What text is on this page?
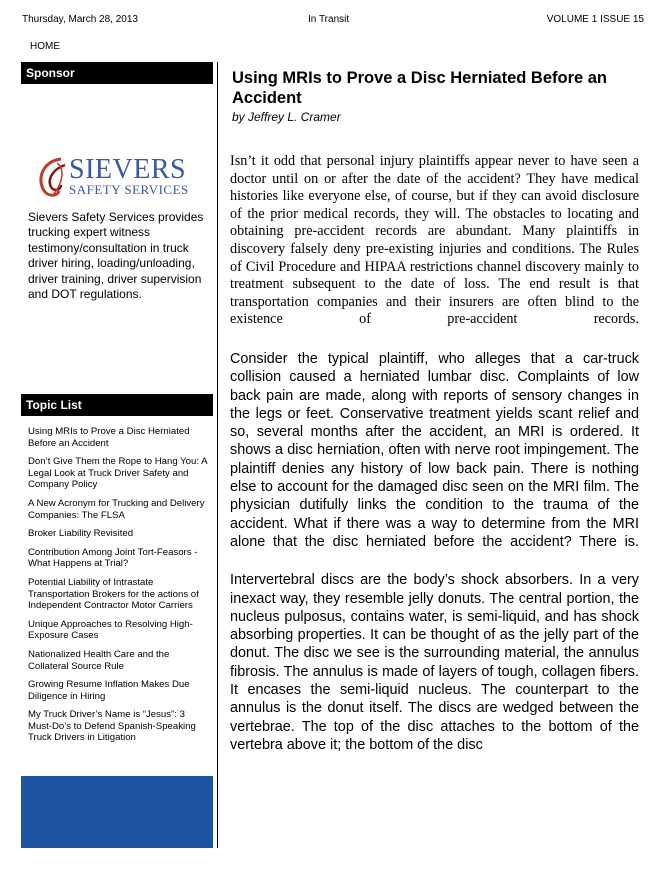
Thursday, March 28, 2013	In Transit	VOLUME 1 ISSUE 15
HOME
Sponsor
SIEVERS
SAFETY SERVICES
Sievers Safety Services provides trucking expert witness testimony/consultation in truck driver hiring, loading/unloading, driver training, driver supervision and DOT regulations.
Topic List
Using MRIs to Prove a Disc Herniated Before an Accident
Don’t Give Them the Rope to Hang You: A Legal Look at Truck Driver Safety and Company Policy
A New Acronym for Trucking and Delivery Companies: The FLSA
Broker Liability Revisited
Contribution Among Joint Tort-Feasors - What Happens at Trial?
Potential Liability of Intrastate Transportation Brokers for the actions of Independent Contractor Motor Carriers
Unique Approaches to Resolving High-Exposure Cases
Nationalized Health Care and the Collateral Source Rule
Growing Resume Inflation Makes Due Diligence in Hiring
My Truck Driver’s Name is “Jesus”: 3 Must-Do’s to Defend Spanish-Speaking Truck Drivers in Litigation
Using MRIs to Prove a Disc Herniated Before an Accident
by Jeffrey L. Cramer

Isn’t it odd that personal injury plaintiffs appear never to have seen a doctor until on or after the date of the accident? They have medical histories like everyone else, of course, but if they can avoid disclosure of the prior medical records, they will. The obstacles to locating and obtaining pre-accident records are abundant. Many plaintiffs in discovery falsely deny pre-existing injuries and conditions. The Rules of Civil Procedure and HIPAA restrictions channel discovery mainly to treatment subsequent to the date of loss. The end result is that transportation companies and their insurers are often blind to the existence of pre-accident records.

Consider the typical plaintiff, who alleges that a car-truck collision caused a herniated lumbar disc. Complaints of low back pain are made, along with reports of sensory changes in the legs or feet. Conservative treatment yields scant relief and so, several months after the accident, an MRI is ordered. It shows a disc herniation, often with nerve root impingement. The plaintiff denies any history of low back pain. There is nothing else to account for the damaged disc seen on the MRI film. The physician dutifully links the condition to the trauma of the accident. What if there was a way to determine from the MRI alone that the disc herniated before the accident? There is.

Intervertebral discs are the body’s shock absorbers. In a very inexact way, they resemble jelly donuts. The central portion, the nucleus pulposus, contains water, is semi-liquid, and has shock absorbing properties. It can be thought of as the jelly part of the donut. The disc we see is the surrounding material, the annulus fibrosis. The annulus is made of layers of tough, collagen fibers. It encases the semi-liquid nucleus. The counterpart to the annulus is the donut itself. The discs are wedged between the vertebrae. The top of the disc attaches to the bottom of the vertebra above it; the bottom of the disc
